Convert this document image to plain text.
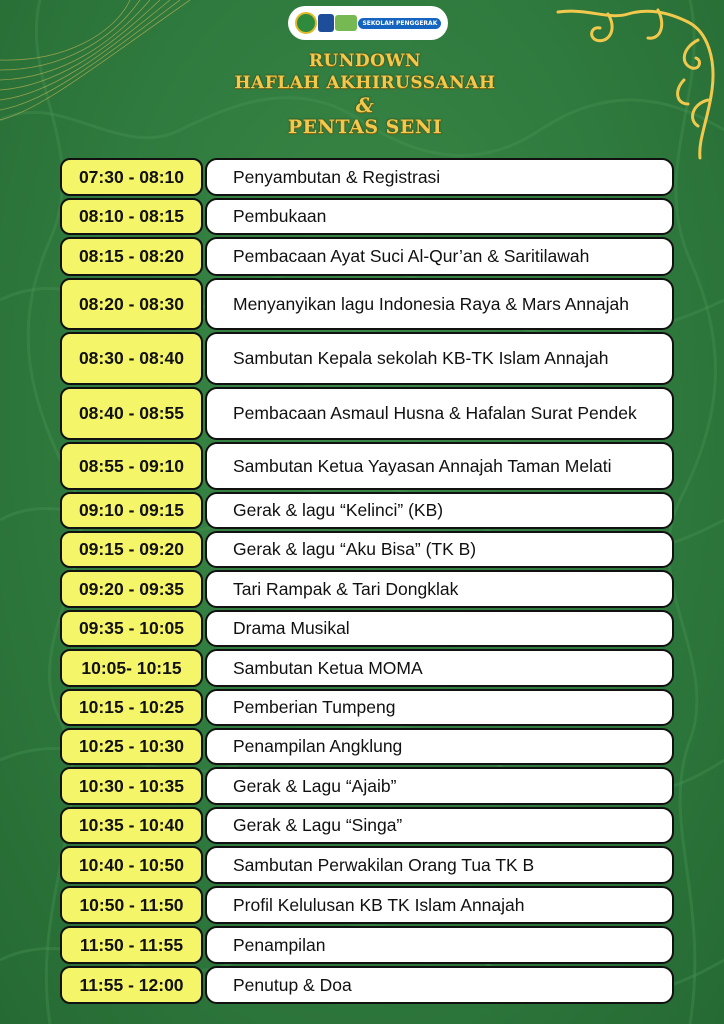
SEKOLAH PENGGERAK
RUNDOWN
HAFLAH AKHIRUSSANAH
&
PENTAS SENI
07:30 - 08:10	Penyambutan & Registrasi
08:10 - 08:15	Pembukaan
08:15 - 08:20	Pembacaan Ayat Suci Al-Qur’an & Saritilawah
08:20 - 08:30	Menyanyikan lagu Indonesia Raya & Mars Annajah
08:30 - 08:40	Sambutan Kepala sekolah KB-TK Islam Annajah
08:40 - 08:55	Pembacaan Asmaul Husna & Hafalan Surat Pendek
08:55 - 09:10	Sambutan Ketua Yayasan Annajah Taman Melati
09:10 - 09:15	Gerak & lagu “Kelinci” (KB)
09:15 - 09:20	Gerak & lagu “Aku Bisa” (TK B)
09:20 - 09:35	Tari Rampak & Tari Dongklak
09:35 - 10:05	Drama Musikal
10:05- 10:15	Sambutan Ketua MOMA
10:15 - 10:25	Pemberian Tumpeng
10:25 - 10:30	Penampilan Angklung
10:30 - 10:35	Gerak & Lagu “Ajaib”
10:35 - 10:40	Gerak & Lagu “Singa”
10:40 - 10:50	Sambutan Perwakilan Orang Tua TK B
10:50 - 11:50	Profil Kelulusan KB TK Islam Annajah
11:50 - 11:55	Penampilan
11:55 - 12:00	Penutup & Doa
